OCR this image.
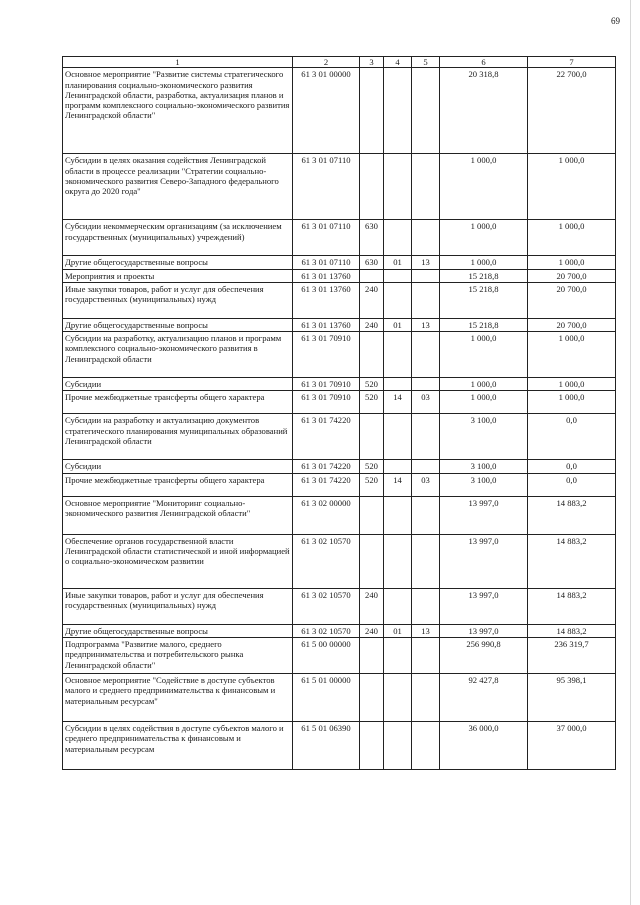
69
1	2	3	4	5	6	7
Основное мероприятие "Развитие системы стратегического планирования социально-экономического развития Ленинградской области, разработка, актуализация планов и программ комплексного социально-экономического развития Ленинградской области"	61 3 01 00000				20 318,8	22 700,0
Субсидии в целях оказания содействия Ленинградской области в процессе реализации "Стратегии социально-экономического развития Северо-Западного федерального округа до 2020 года"	61 3 01 07110				1 000,0	1 000,0
Субсидии некоммерческим организациям (за исключением государственных (муниципальных) учреждений)	61 3 01 07110	630			1 000,0	1 000,0
Другие общегосударственные вопросы	61 3 01 07110	630	01	13	1 000,0	1 000,0
Мероприятия и проекты	61 3 01 13760				15 218,8	20 700,0
Иные закупки товаров, работ и услуг для обеспечения государственных (муниципальных) нужд	61 3 01 13760	240			15 218,8	20 700,0
Другие общегосударственные вопросы	61 3 01 13760	240	01	13	15 218,8	20 700,0
Субсидии на разработку, актуализацию планов и программ комплексного социально-экономического развития в Ленинградской области	61 3 01 70910				1 000,0	1 000,0
Субсидии	61 3 01 70910	520			1 000,0	1 000,0
Прочие межбюджетные трансферты общего характера	61 3 01 70910	520	14	03	1 000,0	1 000,0
Субсидии на разработку и актуализацию документов стратегического планирования муниципальных образований Ленинградской области	61 3 01 74220				3 100,0	0,0
Субсидии	61 3 01 74220	520			3 100,0	0,0
Прочие межбюджетные трансферты общего характера	61 3 01 74220	520	14	03	3 100,0	0,0
Основное мероприятие "Мониторинг социально-экономического развития Ленинградской области"	61 3 02 00000				13 997,0	14 883,2
Обеспечение органов государственной власти Ленинградской области статистической и иной информацией о социально-экономическом развитии	61 3 02 10570				13 997,0	14 883,2
Иные закупки товаров, работ и услуг для обеспечения государственных (муниципальных) нужд	61 3 02 10570	240			13 997,0	14 883,2
Другие общегосударственные вопросы	61 3 02 10570	240	01	13	13 997,0	14 883,2
Подпрограмма "Развитие малого, среднего предпринимательства и потребительского рынка Ленинградской области"	61 5 00 00000				256 990,8	236 319,7
Основное мероприятие "Содействие в доступе субъектов малого и среднего предпринимательства к финансовым и материальным ресурсам"	61 5 01 00000				92 427,8	95 398,1
Субсидии в целях содействия в доступе субъектов малого и среднего предпринимательства к финансовым и материальным ресурсам	61 5 01 06390				36 000,0	37 000,0
